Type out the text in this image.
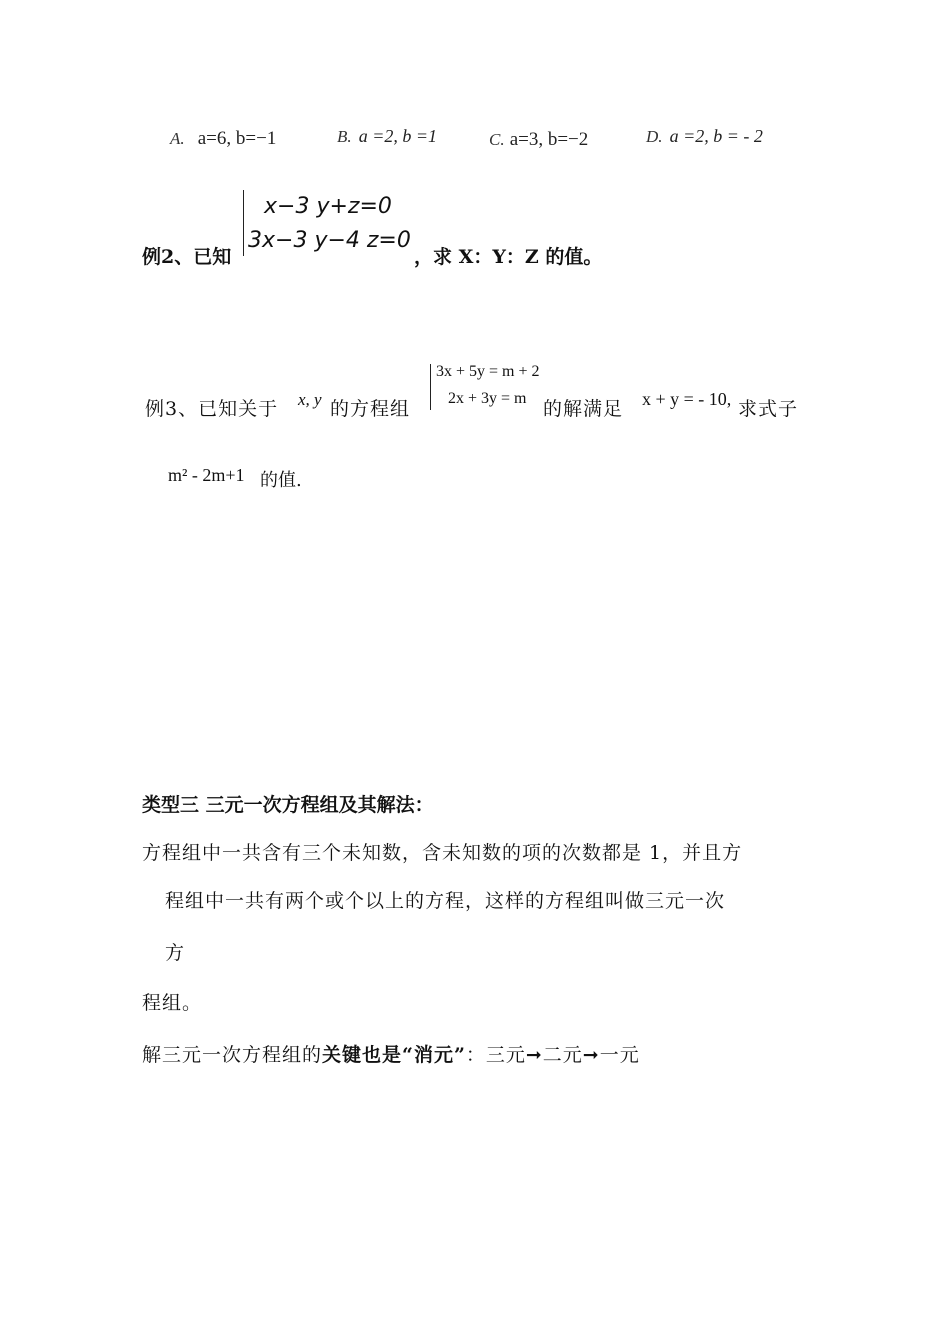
A. a=6, b=−1	B. a =2, b =1	C. a=3, b=−2	D. a =2, b = - 2
例2、已知
x−3 y+z=0
3x−3 y−4 z=0
，求 X：Y：Z 的值。
例3、已知关于 x, y 的方程组
3x + 5y = m + 2
2x + 3y = m 的解满足 x + y = - 10, 求式子
m² - 2m+1 的值.
类型三 三元一次方程组及其解法：
方程组中一共含有三个未知数，含未知数的项的次数都是 1，并且方
程组中一共有两个或个以上的方程，这样的方程组叫做三元一次
方
程组。
解三元一次方程组的关键也是“消元”：三元➞二元➞一元
